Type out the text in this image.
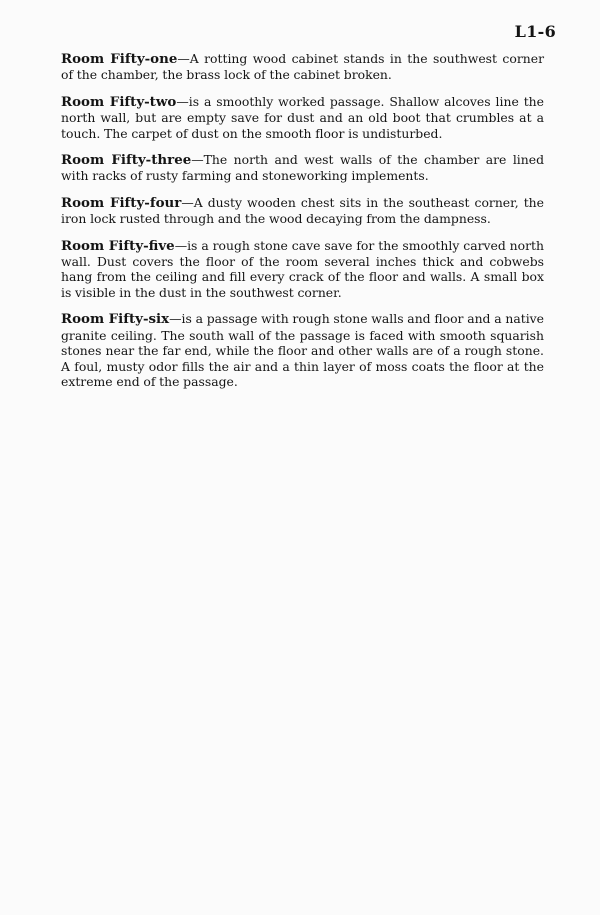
L1-6

Room Fifty-one—A rotting wood cabinet stands in the southwest corner of the chamber, the brass lock of the cabinet broken.

Room Fifty-two—is a smoothly worked passage. Shallow alcoves line the north wall, but are empty save for dust and an old boot that crumbles at a touch. The carpet of dust on the smooth floor is undisturbed.

Room Fifty-three—The north and west walls of the chamber are lined with racks of rusty farming and stoneworking implements.

Room Fifty-four—A dusty wooden chest sits in the southeast corner, the iron lock rusted through and the wood decaying from the dampness.

Room Fifty-five—is a rough stone cave save for the smoothly carved north wall. Dust covers the floor of the room several inches thick and cobwebs hang from the ceiling and fill every crack of the floor and walls. A small box is visible in the dust in the southwest corner.

Room Fifty-six—is a passage with rough stone walls and floor and a native granite ceiling. The south wall of the passage is faced with smooth squarish stones near the far end, while the floor and other walls are of a rough stone. A foul, musty odor fills the air and a thin layer of moss coats the floor at the extreme end of the passage.
